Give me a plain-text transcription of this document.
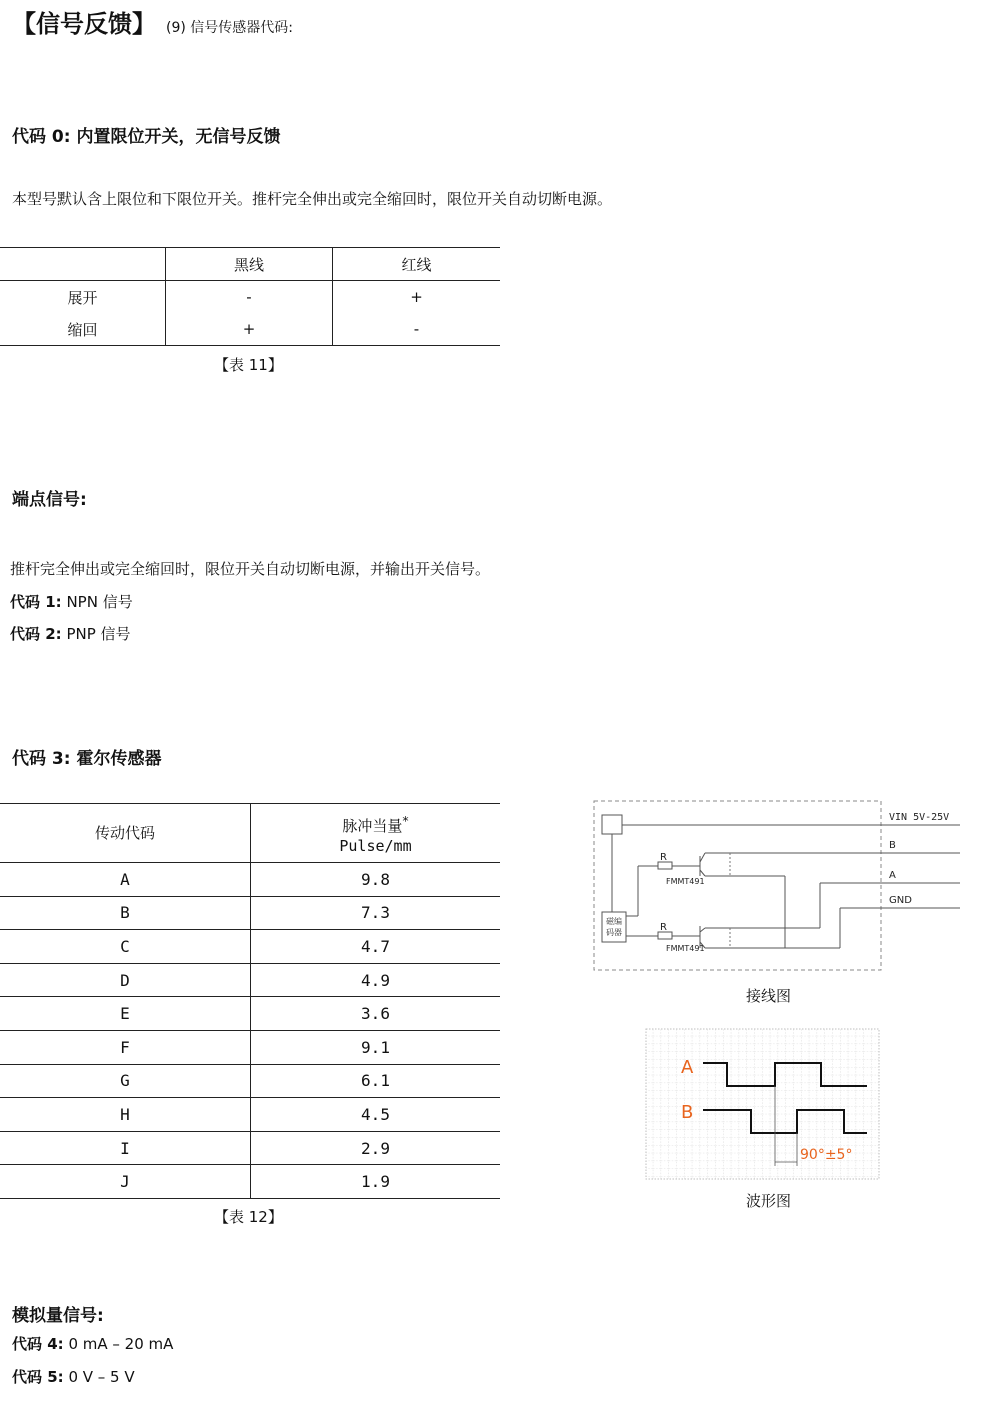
【信号反馈】 (9) 信号传感器代码:
代码 0: 内置限位开关，无信号反馈
本型号默认含上限位和下限位开关。推杆完全伸出或完全缩回时，限位开关自动切断电源。
	黑线	红线
展开	-	+
缩回	+	-
【表 11】
端点信号:
推杆完全伸出或完全缩回时，限位开关自动切断电源，并输出开关信号。
代码 1: NPN 信号
代码 2: PNP 信号
代码 3: 霍尔传感器
传动代码	脉冲当量*
Pulse/mm
A	9.8
B	7.3
C	4.7
D	4.9
E	3.6
F	9.1
G	6.1
H	4.5
I	2.9
J	1.9
【表 12】
磁编
码器
R
FMMT491
R
FMMT491
VIN 5V-25V
B
A
GND
接线图
A
B
90°±5°
波形图
模拟量信号:
代码 4: 0 mA – 20 mA
代码 5: 0 V – 5 V
